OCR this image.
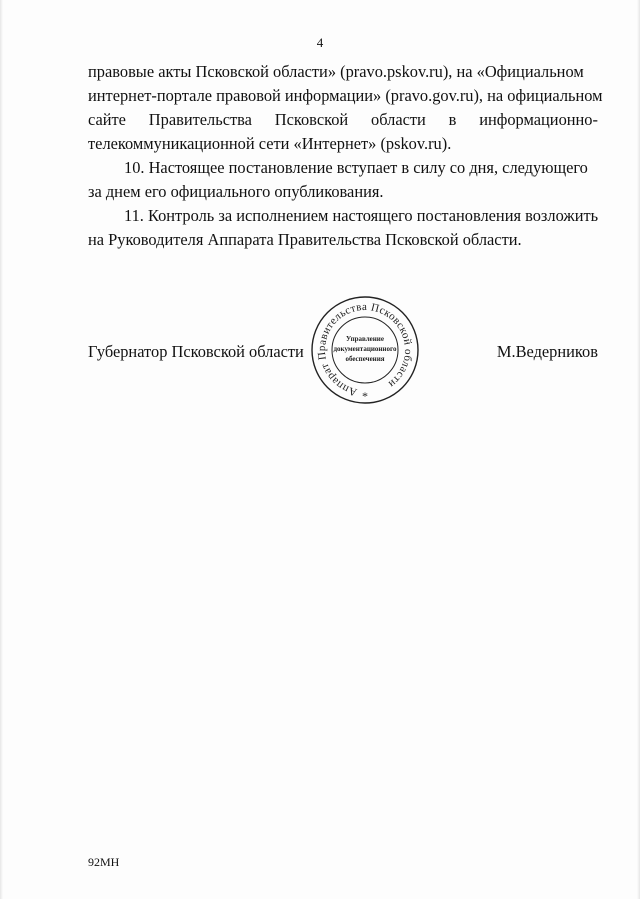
4
правовые акты Псковской области» (pravo.pskov.ru), на «Официальном
интернет-портале правовой информации» (pravo.gov.ru), на официальном
сайте Правительства Псковской области в информационно-
телекоммуникационной сети «Интернет» (pskov.ru).
10. Настоящее постановление вступает в силу со дня, следующего
за днем его официального опубликования.
11. Контроль за исполнением настоящего постановления возложить
на Руководителя Аппарата Правительства Псковской области.
Губернатор Псковской области	М.Ведерников
Аппарат Правительства Псковской области
Управление
документационного
обеспечения
*
92МН
